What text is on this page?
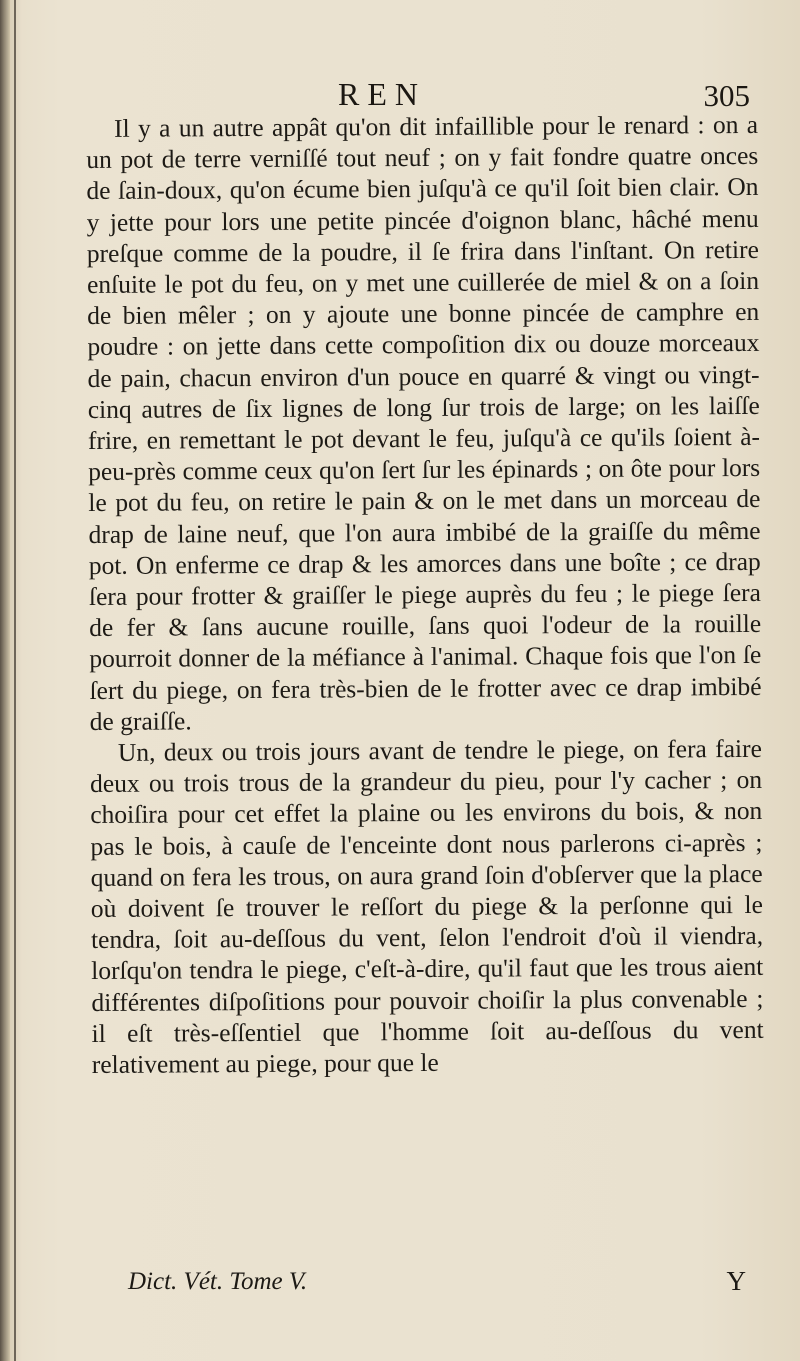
REN	305

Il y a un autre appât qu'on dit infaillible pour le renard : on a un pot de terre verniſſé tout neuf ; on y fait fondre quatre onces de ſain-doux, qu'on écume bien juſqu'à ce qu'il ſoit bien clair. On y jette pour lors une petite pincée d'oignon blanc, hâché menu preſque comme de la poudre, il ſe frira dans l'inſtant. On retire enſuite le pot du feu, on y met une cuillerée de miel & on a ſoin de bien mêler ; on y ajoute une bonne pincée de camphre en poudre : on jette dans cette compoſition dix ou douze morceaux de pain, chacun environ d'un pouce en quarré & vingt ou vingt-cinq autres de ſix lignes de long ſur trois de large; on les laiſſe frire, en remettant le pot devant le feu, juſqu'à ce qu'ils ſoient à-peu-près comme ceux qu'on ſert ſur les épinards ; on ôte pour lors le pot du feu, on retire le pain & on le met dans un morceau de drap de laine neuf, que l'on aura imbibé de la graiſſe du même pot. On enferme ce drap & les amorces dans une boîte ; ce drap ſera pour frotter & graiſſer le piege auprès du feu ; le piege ſera de fer & ſans aucune rouille, ſans quoi l'odeur de la rouille pourroit donner de la méfiance à l'animal. Chaque fois que l'on ſe ſert du piege, on fera très-bien de le frotter avec ce drap imbibé de graiſſe.

Un, deux ou trois jours avant de tendre le piege, on fera faire deux ou trois trous de la grandeur du pieu, pour l'y cacher ; on choiſira pour cet effet la plaine ou les environs du bois, & non pas le bois, à cauſe de l'enceinte dont nous parlerons ci-après ; quand on fera les trous, on aura grand ſoin d'obſerver que la place où doivent ſe trouver le reſſort du piege & la perſonne qui le tendra, ſoit au-deſſous du vent, ſelon l'endroit d'où il viendra, lorſqu'on tendra le piege, c'eſt-à-dire, qu'il faut que les trous aient différentes diſpoſitions pour pouvoir choiſir la plus convenable ; il eſt très-eſſentiel que l'homme ſoit au-deſſous du vent relativement au piege, pour que le

Dict. Vét. Tome V.	Y
